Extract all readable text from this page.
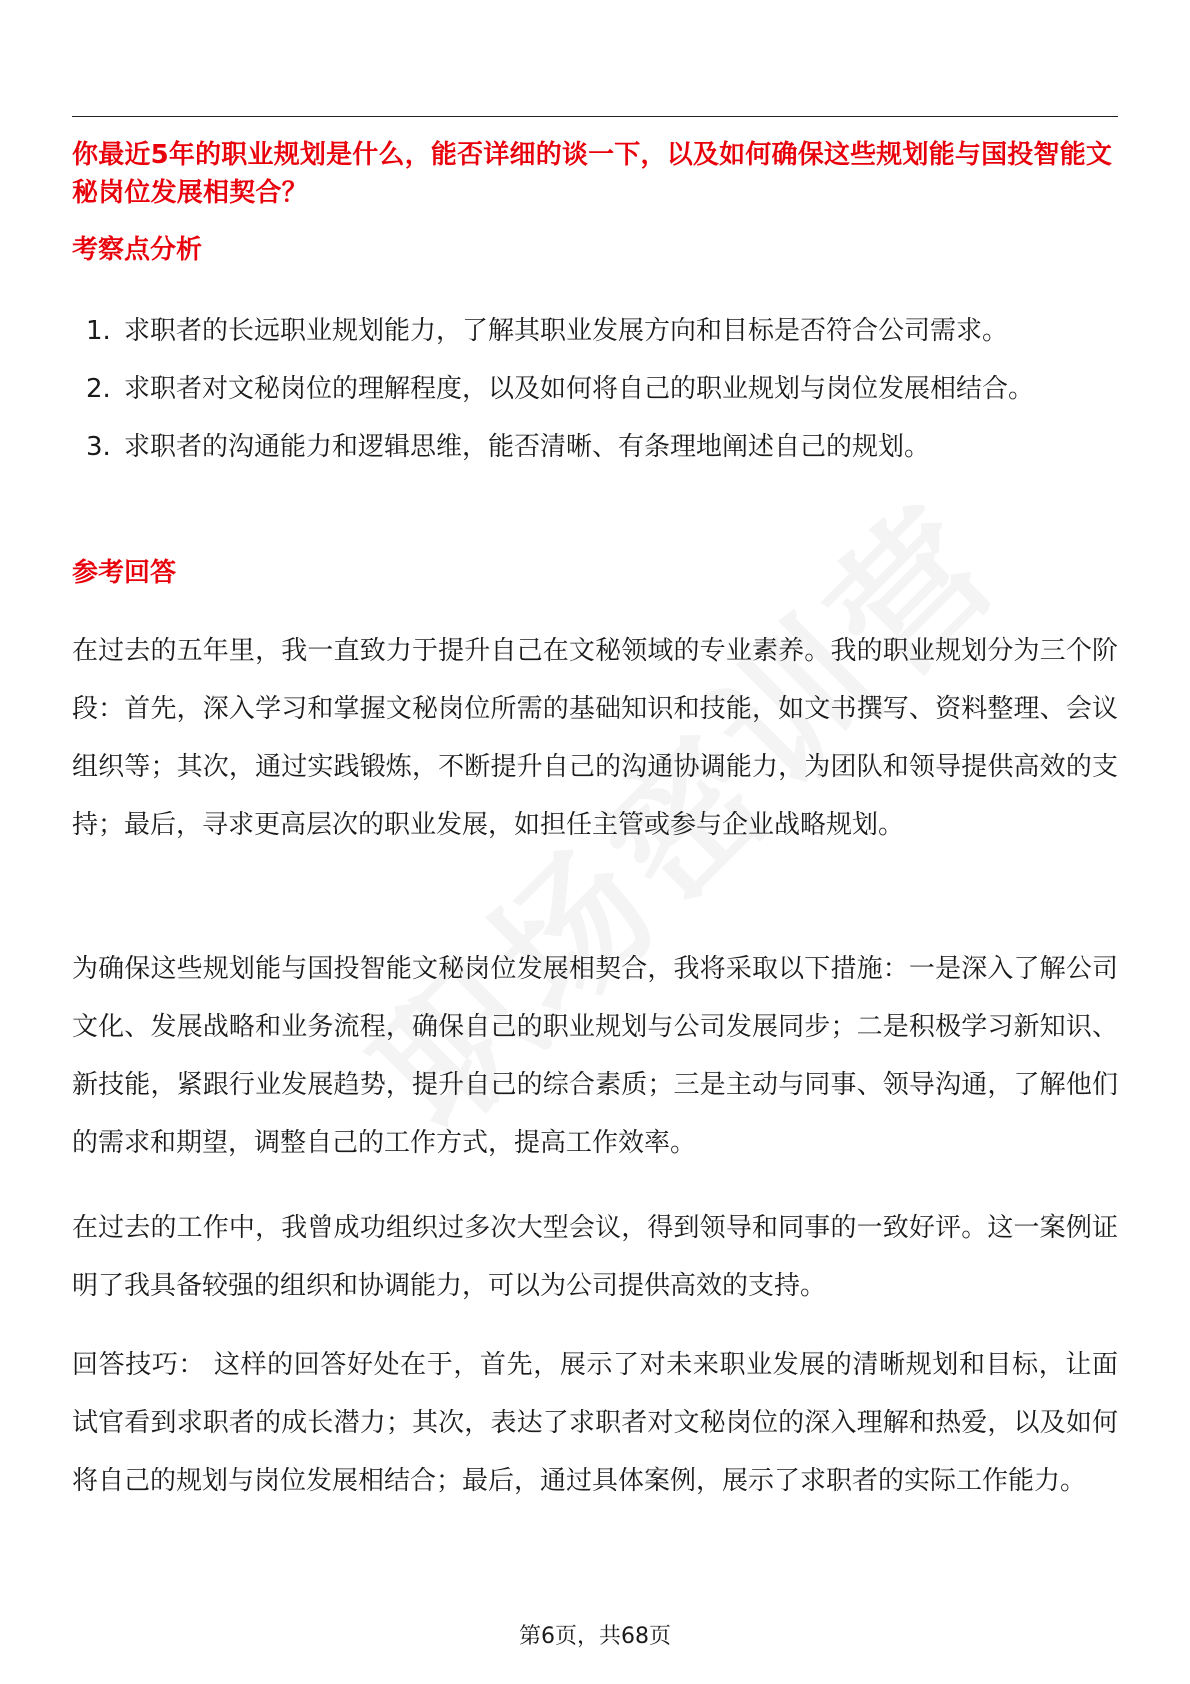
你最近5年的职业规划是什么，能否详细的谈一下，以及如何确保这些规划能与国投智能文秘岗位发展相契合？
考察点分析
1. 求职者的长远职业规划能力，了解其职业发展方向和目标是否符合公司需求。
2. 求职者对文秘岗位的理解程度，以及如何将自己的职业规划与岗位发展相结合。
3. 求职者的沟通能力和逻辑思维，能否清晰、有条理地阐述自己的规划。
参考回答

在过去的五年里，我一直致力于提升自己在文秘领域的专业素养。我的职业规划分为三个阶段：首先，深入学习和掌握文秘岗位所需的基础知识和技能，如文书撰写、资料整理、会议组织等；其次，通过实践锻炼，不断提升自己的沟通协调能力，为团队和领导提供高效的支持；最后，寻求更高层次的职业发展，如担任主管或参与企业战略规划。

为确保这些规划能与国投智能文秘岗位发展相契合，我将采取以下措施：一是深入了解公司文化、发展战略和业务流程，确保自己的职业规划与公司发展同步；二是积极学习新知识、新技能，紧跟行业发展趋势，提升自己的综合素质；三是主动与同事、领导沟通，了解他们的需求和期望，调整自己的工作方式，提高工作效率。

在过去的工作中，我曾成功组织过多次大型会议，得到领导和同事的一致好评。这一案例证明了我具备较强的组织和协调能力，可以为公司提供高效的支持。

回答技巧： 这样的回答好处在于，首先，展示了对未来职业发展的清晰规划和目标，让面试官看到求职者的成长潜力；其次，表达了求职者对文秘岗位的深入理解和热爱，以及如何将自己的规划与岗位发展相结合；最后，通过具体案例，展示了求职者的实际工作能力。

第6页，共68页
